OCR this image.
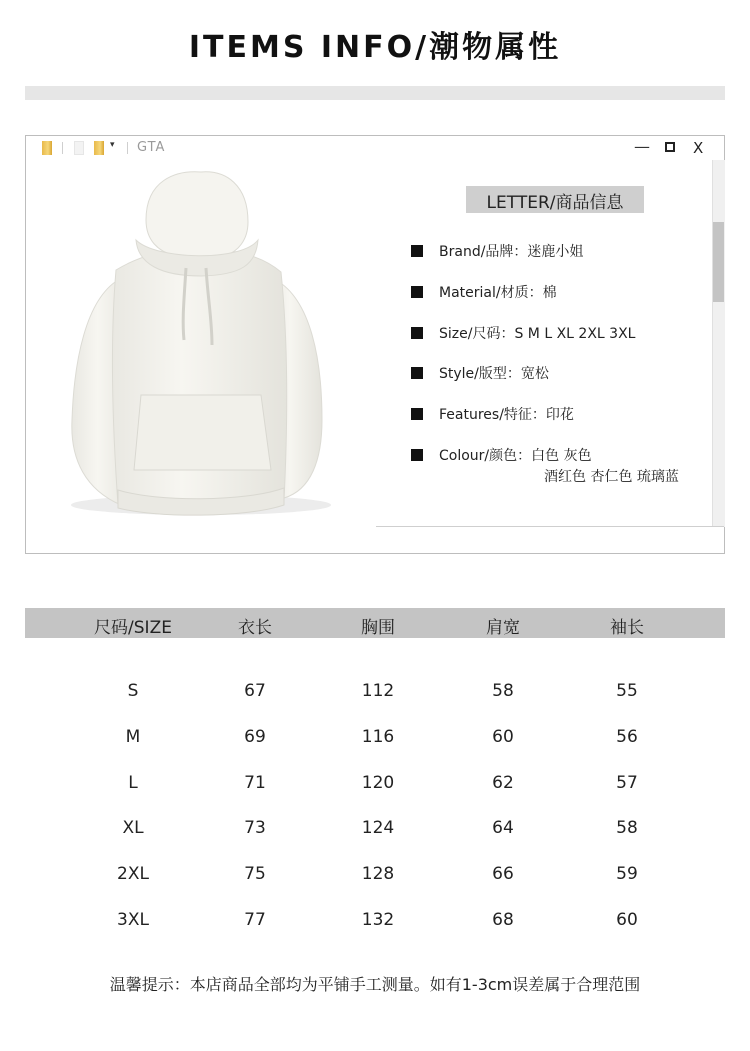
ITEMS INFO/潮物属性
▾ GTA	—	X
LETTER/商品信息
Brand/品牌：迷鹿小姐
Material/材质：棉
Size/尺码：S M L XL 2XL 3XL
Style/版型：宽松
Features/特征：印花
Colour/颜色：白色 灰色
酒红色 杏仁色 琉璃蓝
尺码/SIZE	衣长	胸围	肩宽	袖长
S	67	112	58	55
M	69	116	60	56
L	71	120	62	57
XL	73	124	64	58
2XL	75	128	66	59
3XL	77	132	68	60
温馨提示：本店商品全部均为平铺手工测量。如有1-3cm误差属于合理范围
